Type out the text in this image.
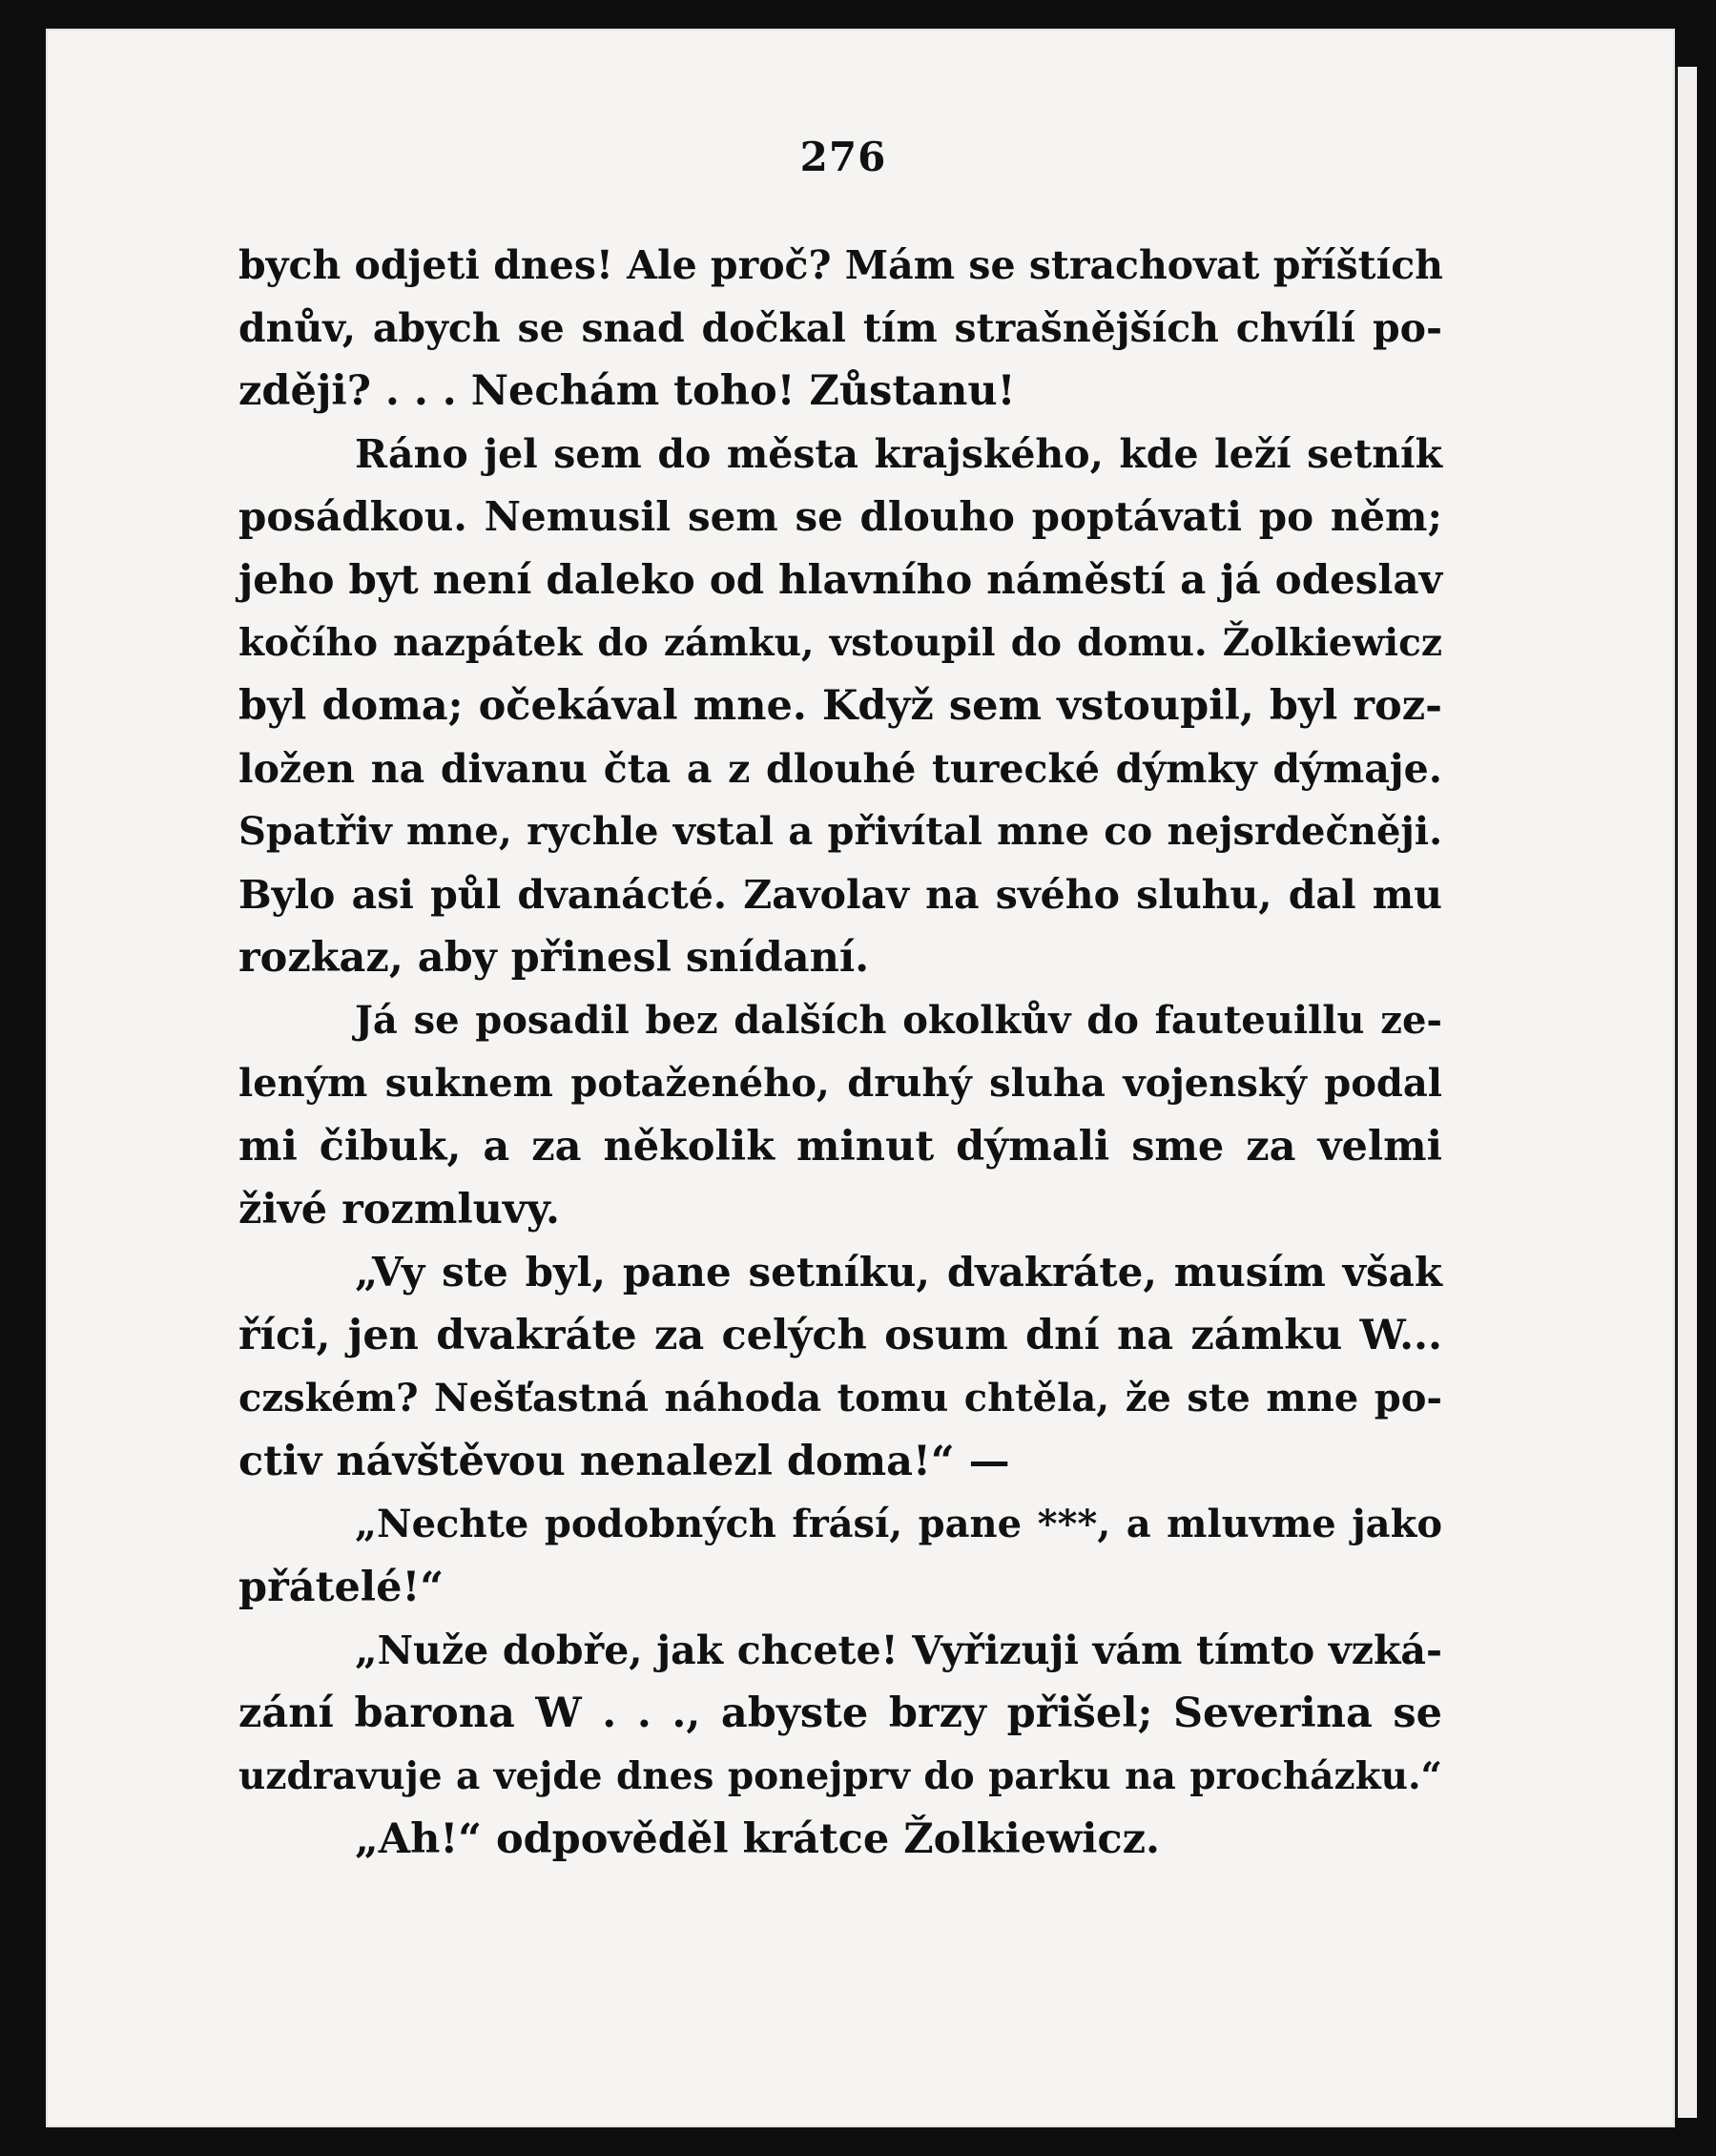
276
bych odjeti dnes! Ale proč? Mám se strachovat příštích
dnův, abych se snad dočkal tím strašnějších chvílí po-
zději? . . . Nechám toho! Zůstanu!
Ráno jel sem do města krajského, kde leží setník
posádkou. Nemusil sem se dlouho poptávati po něm;
jeho byt není daleko od hlavního náměstí a já odeslav
kočího nazpátek do zámku, vstoupil do domu. Žolkiewicz
byl doma; očekával mne. Když sem vstoupil, byl roz-
ložen na divanu čta a z dlouhé turecké dýmky dýmaje.
Spatřiv mne, rychle vstal a přivítal mne co nejsrdečněji.
Bylo asi půl dvanácté. Zavolav na svého sluhu, dal mu
rozkaz, aby přinesl snídaní.
Já se posadil bez dalších okolkův do fauteuillu ze-
leným suknem potaženého, druhý sluha vojenský podal
mi čibuk, a za několik minut dýmali sme za velmi
živé rozmluvy.
„Vy ste byl, pane setníku, dvakráte, musím však
říci, jen dvakráte za celých osum dní na zámku W...
czském? Nešťastná náhoda tomu chtěla, že ste mne po-
ctiv návštěvou nenalezl doma!“ —
„Nechte podobných frásí, pane ***, a mluvme jako
přátelé!“
„Nuže dobře, jak chcete! Vyřizuji vám tímto vzká-
zání barona W . . ., abyste brzy přišel; Severina se
uzdravuje a vejde dnes ponejprv do parku na procházku.“
„Ah!“ odpověděl krátce Žolkiewicz.
